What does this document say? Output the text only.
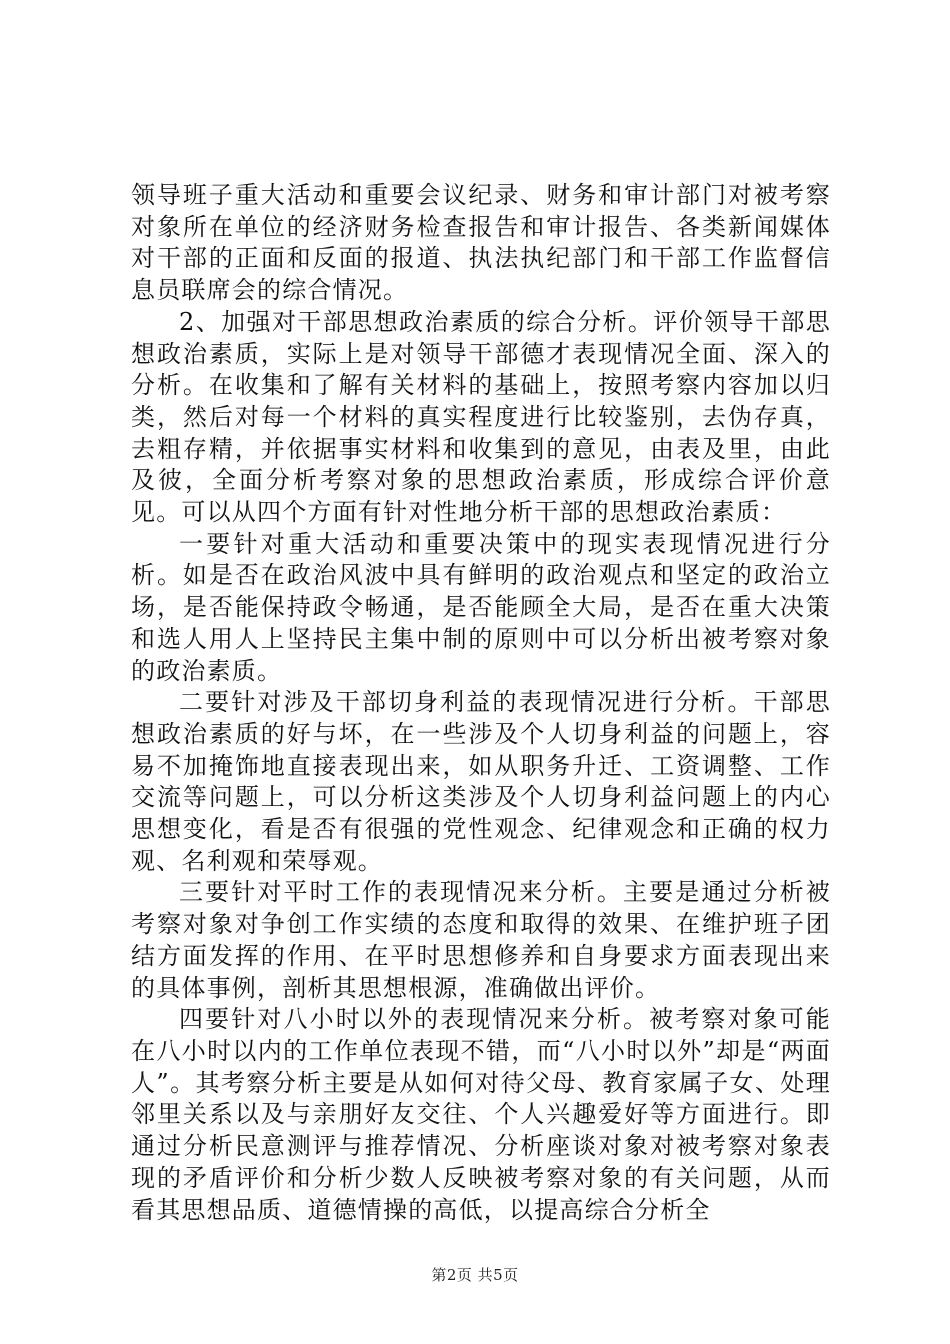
领导班子重大活动和重要会议纪录、财务和审计部门对被考察对象所在单位的经济财务检查报告和审计报告、各类新闻媒体对干部的正面和反面的报道、执法执纪部门和干部工作监督信息员联席会的综合情况。

2、加强对干部思想政治素质的综合分析。评价领导干部思想政治素质，实际上是对领导干部德才表现情况全面、深入的分析。在收集和了解有关材料的基础上，按照考察内容加以归类，然后对每一个材料的真实程度进行比较鉴别，去伪存真，去粗存精，并依据事实材料和收集到的意见，由表及里，由此及彼，全面分析考察对象的思想政治素质，形成综合评价意见。可以从四个方面有针对性地分析干部的思想政治素质：

一要针对重大活动和重要决策中的现实表现情况进行分析。如是否在政治风波中具有鲜明的政治观点和坚定的政治立场，是否能保持政令畅通，是否能顾全大局，是否在重大决策和选人用人上坚持民主集中制的原则中可以分析出被考察对象的政治素质。

二要针对涉及干部切身利益的表现情况进行分析。干部思想政治素质的好与坏，在一些涉及个人切身利益的问题上，容易不加掩饰地直接表现出来，如从职务升迁、工资调整、工作交流等问题上，可以分析这类涉及个人切身利益问题上的内心思想变化，看是否有很强的党性观念、纪律观念和正确的权力观、名利观和荣辱观。

三要针对平时工作的表现情况来分析。主要是通过分析被考察对象对争创工作实绩的态度和取得的效果、在维护班子团结方面发挥的作用、在平时思想修养和自身要求方面表现出来的具体事例，剖析其思想根源，准确做出评价。

四要针对八小时以外的表现情况来分析。被考察对象可能在八小时以内的工作单位表现不错，而“八小时以外”却是“两面人”。其考察分析主要是从如何对待父母、教育家属子女、处理邻里关系以及与亲朋好友交往、个人兴趣爱好等方面进行。即通过分析民意测评与推荐情况、分析座谈对象对被考察对象表现的矛盾评价和分析少数人反映被考察对象的有关问题，从而看其思想品质、道德情操的高低，以提高综合分析全

第2页 共5页
